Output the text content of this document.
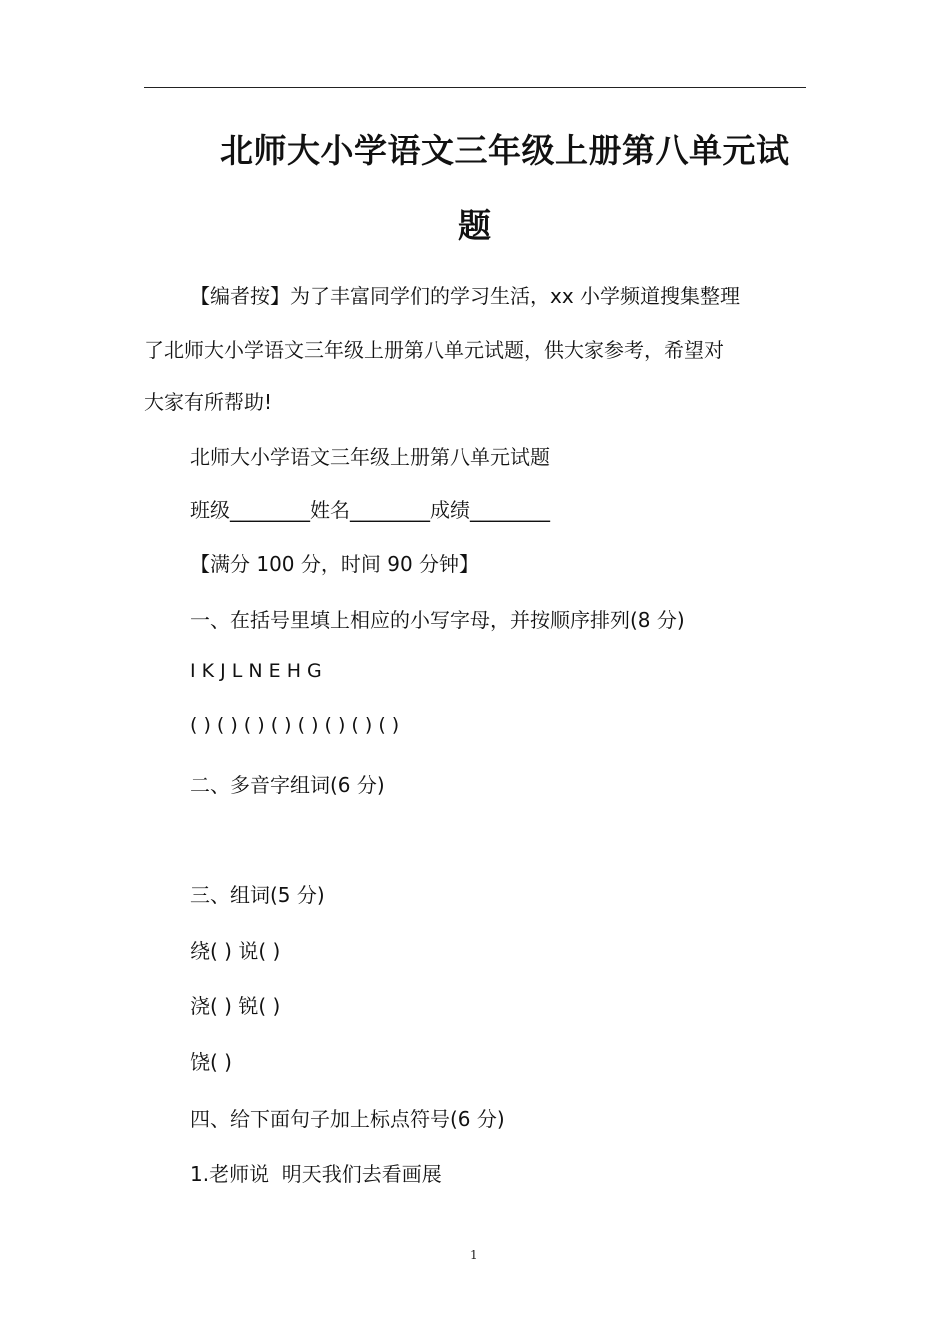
北师大小学语文三年级上册第八单元试
题
【编者按】为了丰富同学们的学习生活，xx 小学频道搜集整理
了北师大小学语文三年级上册第八单元试题，供大家参考，希望对
大家有所帮助!
北师大小学语文三年级上册第八单元试题
班级________姓名________成绩________
【满分 100 分，时间 90 分钟】
一、在括号里填上相应的小写字母，并按顺序排列(8 分)
I K J L N E H G
( ) ( ) ( ) ( ) ( ) ( ) ( ) ( )
二、多音字组词(6 分)
三、组词(5 分)
绕( ) 说( )
浇( ) 锐( )
饶( )
四、给下面句子加上标点符号(6 分)
1.老师说  明天我们去看画展
1
